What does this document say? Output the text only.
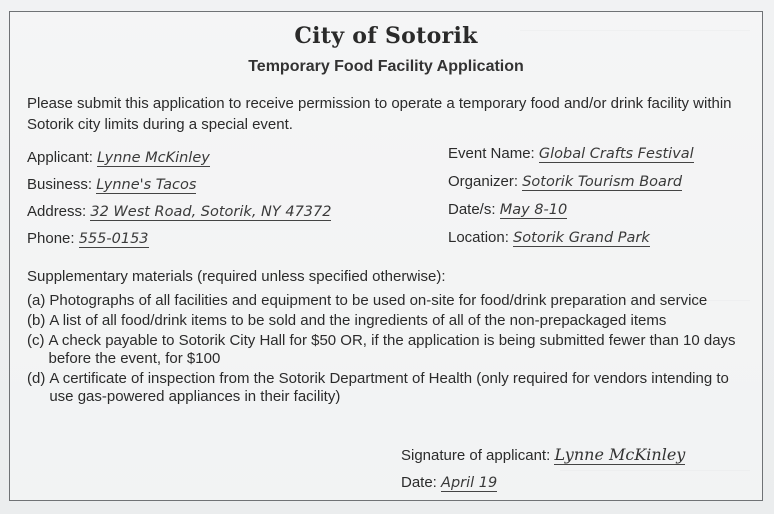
City of Sotorik
Temporary Food Facility Application
Please submit this application to receive permission to operate a temporary food and/or drink facility within Sotorik city limits during a special event.
Applicant: Lynne McKinley
Business: Lynne's Tacos
Address: 32 West Road, Sotorik, NY 47372
Phone: 555-0153
Event Name: Global Crafts Festival
Organizer: Sotorik Tourism Board
Date/s: May 8-10
Location: Sotorik Grand Park
Supplementary materials (required unless specified otherwise):
(a) Photographs of all facilities and equipment to be used on-site for food/drink preparation and service
(b) A list of all food/drink items to be sold and the ingredients of all of the non-prepackaged items
(c) A check payable to Sotorik City Hall for $50 OR, if the application is being submitted fewer than 10 days before the event, for $100
(d) A certificate of inspection from the Sotorik Department of Health (only required for vendors intending to use gas-powered appliances in their facility)
Signature of applicant: Lynne McKinley
Date: April 19
